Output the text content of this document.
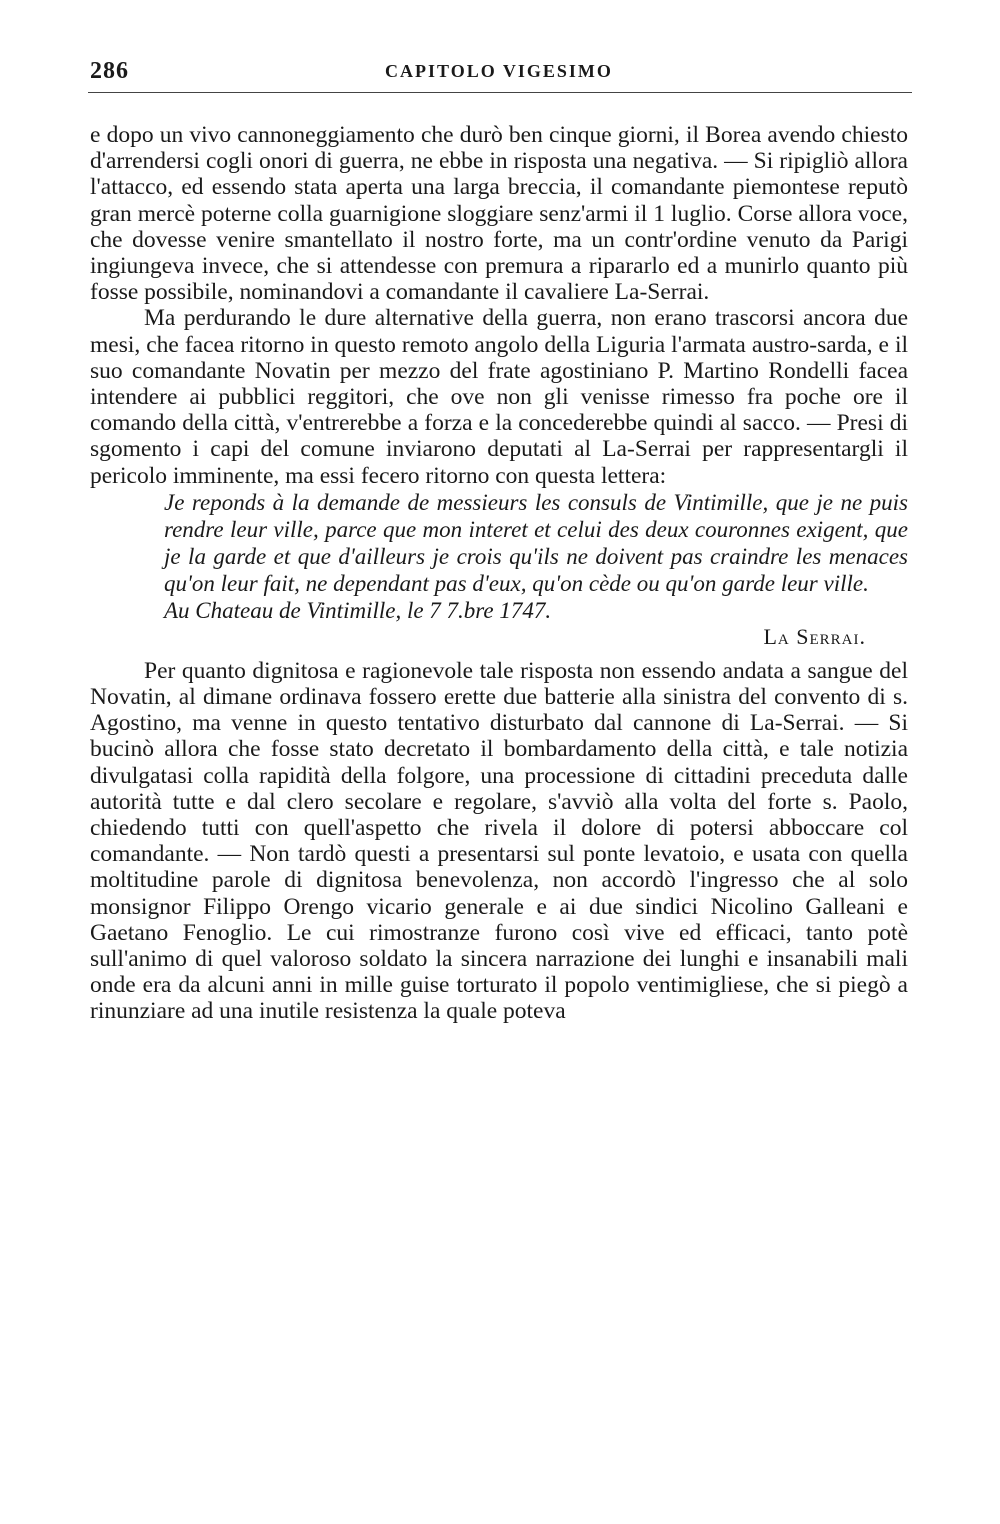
286	CAPITOLO VIGESIMO

e dopo un vivo cannoneggiamento che durò ben cinque giorni, il Borea avendo chiesto d'arrendersi cogli onori di guerra, ne ebbe in risposta una negativa. — Si ripigliò allora l'attacco, ed essendo stata aperta una larga breccia, il comandante piemontese reputò gran mercè poterne colla guarnigione sloggiare senz'armi il 1 luglio. Corse allora voce, che dovesse venire smantellato il nostro forte, ma un contr'ordine venuto da Parigi ingiungeva invece, che si attendesse con premura a ripararlo ed a munirlo quanto più fosse possibile, nominandovi a comandante il cavaliere La-Serrai.

Ma perdurando le dure alternative della guerra, non erano trascorsi ancora due mesi, che facea ritorno in questo remoto angolo della Liguria l'armata austro-sarda, e il suo comandante Novatin per mezzo del frate agostiniano P. Martino Rondelli facea intendere ai pubblici reggitori, che ove non gli venisse rimesso fra poche ore il comando della città, v'entrerebbe a forza e la concederebbe quindi al sacco. — Presi di sgomento i capi del comune inviarono deputati al La-Serrai per rappresentargli il pericolo imminente, ma essi fecero ritorno con questa lettera:

Je reponds à la demande de messieurs les consuls de Vintimille, que je ne puis rendre leur ville, parce que mon interet et celui des deux couronnes exigent, que je la garde et que d'ailleurs je crois qu'ils ne doivent pas craindre les menaces qu'on leur fait, ne dependant pas d'eux, qu'on cède ou qu'on garde leur ville.

Au Chateau de Vintimille, le 7 7.bre 1747.
La Serrai.

Per quanto dignitosa e ragionevole tale risposta non essendo andata a sangue del Novatin, al dimane ordinava fossero erette due batterie alla sinistra del convento di s. Agostino, ma venne in questo tentativo disturbato dal cannone di La-Serrai. — Si bucinò allora che fosse stato decretato il bombardamento della città, e tale notizia divulgatasi colla rapidità della folgore, una processione di cittadini preceduta dalle autorità tutte e dal clero secolare e regolare, s'avviò alla volta del forte s. Paolo, chiedendo tutti con quell'aspetto che rivela il dolore di potersi abboccare col comandante. — Non tardò questi a presentarsi sul ponte levatoio, e usata con quella moltitudine parole di dignitosa benevolenza, non accordò l'ingresso che al solo monsignor Filippo Orengo vicario generale e ai due sindici Nicolino Galleani e Gaetano Fenoglio. Le cui rimostranze furono così vive ed efficaci, tanto potè sull'animo di quel valoroso soldato la sincera narrazione dei lunghi e insanabili mali onde era da alcuni anni in mille guise torturato il popolo ventimigliese, che si piegò a rinunziare ad una inutile resistenza la quale poteva
